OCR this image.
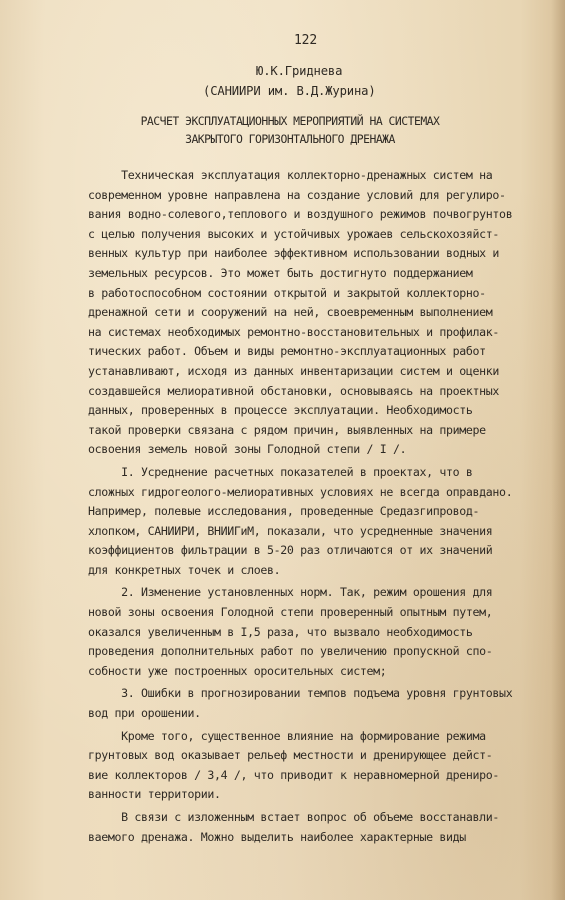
122
Ю.К.Гриднева
(САНИИРИ им. В.Д.Журина)
РАСЧЕТ ЭКСПЛУАТАЦИОННЫХ МЕРОПРИЯТИЙ НА СИСТЕМАХ
ЗАКРЫТОГО ГОРИЗОНТАЛЬНОГО ДРЕНАЖА
Техническая эксплуатация коллекторно-дренажных систем на
современном уровне направлена на создание условий для регулиро-
вания водно-солевого,теплового и воздушного режимов почвогрунтов
с целью получения высоких и устойчивых урожаев сельскохозяйст-
венных культур при наиболее эффективном использовании водных и
земельных ресурсов. Это может быть достигнуто поддержанием
в работоспособном состоянии открытой и закрытой коллекторно-
дренажной сети и сооружений на ней, своевременным выполнением
на системах необходимых ремонтно-восстановительных и профилак-
тических работ. Объем и виды ремонтно-эксплуатационных работ
устанавливают, исходя из данных инвентаризации систем и оценки
создавшейся мелиоративной обстановки, основываясь на проектных
данных, проверенных в процессе эксплуатации. Необходимость
такой проверки связана с рядом причин, выявленных на примере
освоения земель новой зоны Голодной степи / I /.
I. Усреднение расчетных показателей в проектах, что в
сложных гидрогеолого-мелиоративных условиях не всегда оправдано.
Например, полевые исследования, проведенные Средазгипровод-
хлопком, САНИИРИ, ВНИИГиМ, показали, что усредненные значения
коэффициентов фильтрации в 5-20 раз отличаются от их значений
для конкретных точек и слоев.
2. Изменение установленных норм. Так, режим орошения для
новой зоны освоения Голодной степи проверенный опытным путем,
оказался увеличенным в I,5 раза, что вызвало необходимость
проведения дополнительных работ по увеличению пропускной спо-
собности уже построенных оросительных систем;
3. Ошибки в прогнозировании темпов подъема уровня грунтовых
вод при орошении.
Кроме того, существенное влияние на формирование режима
грунтовых вод оказывает рельеф местности и дренирующее дейст-
вие коллекторов / 3,4 /, что приводит к неравномерной дрениро-
ванности территории.
В связи с изложенным встает вопрос об объеме восстанавли-
ваемого дренажа. Можно выделить наиболее характерные виды
